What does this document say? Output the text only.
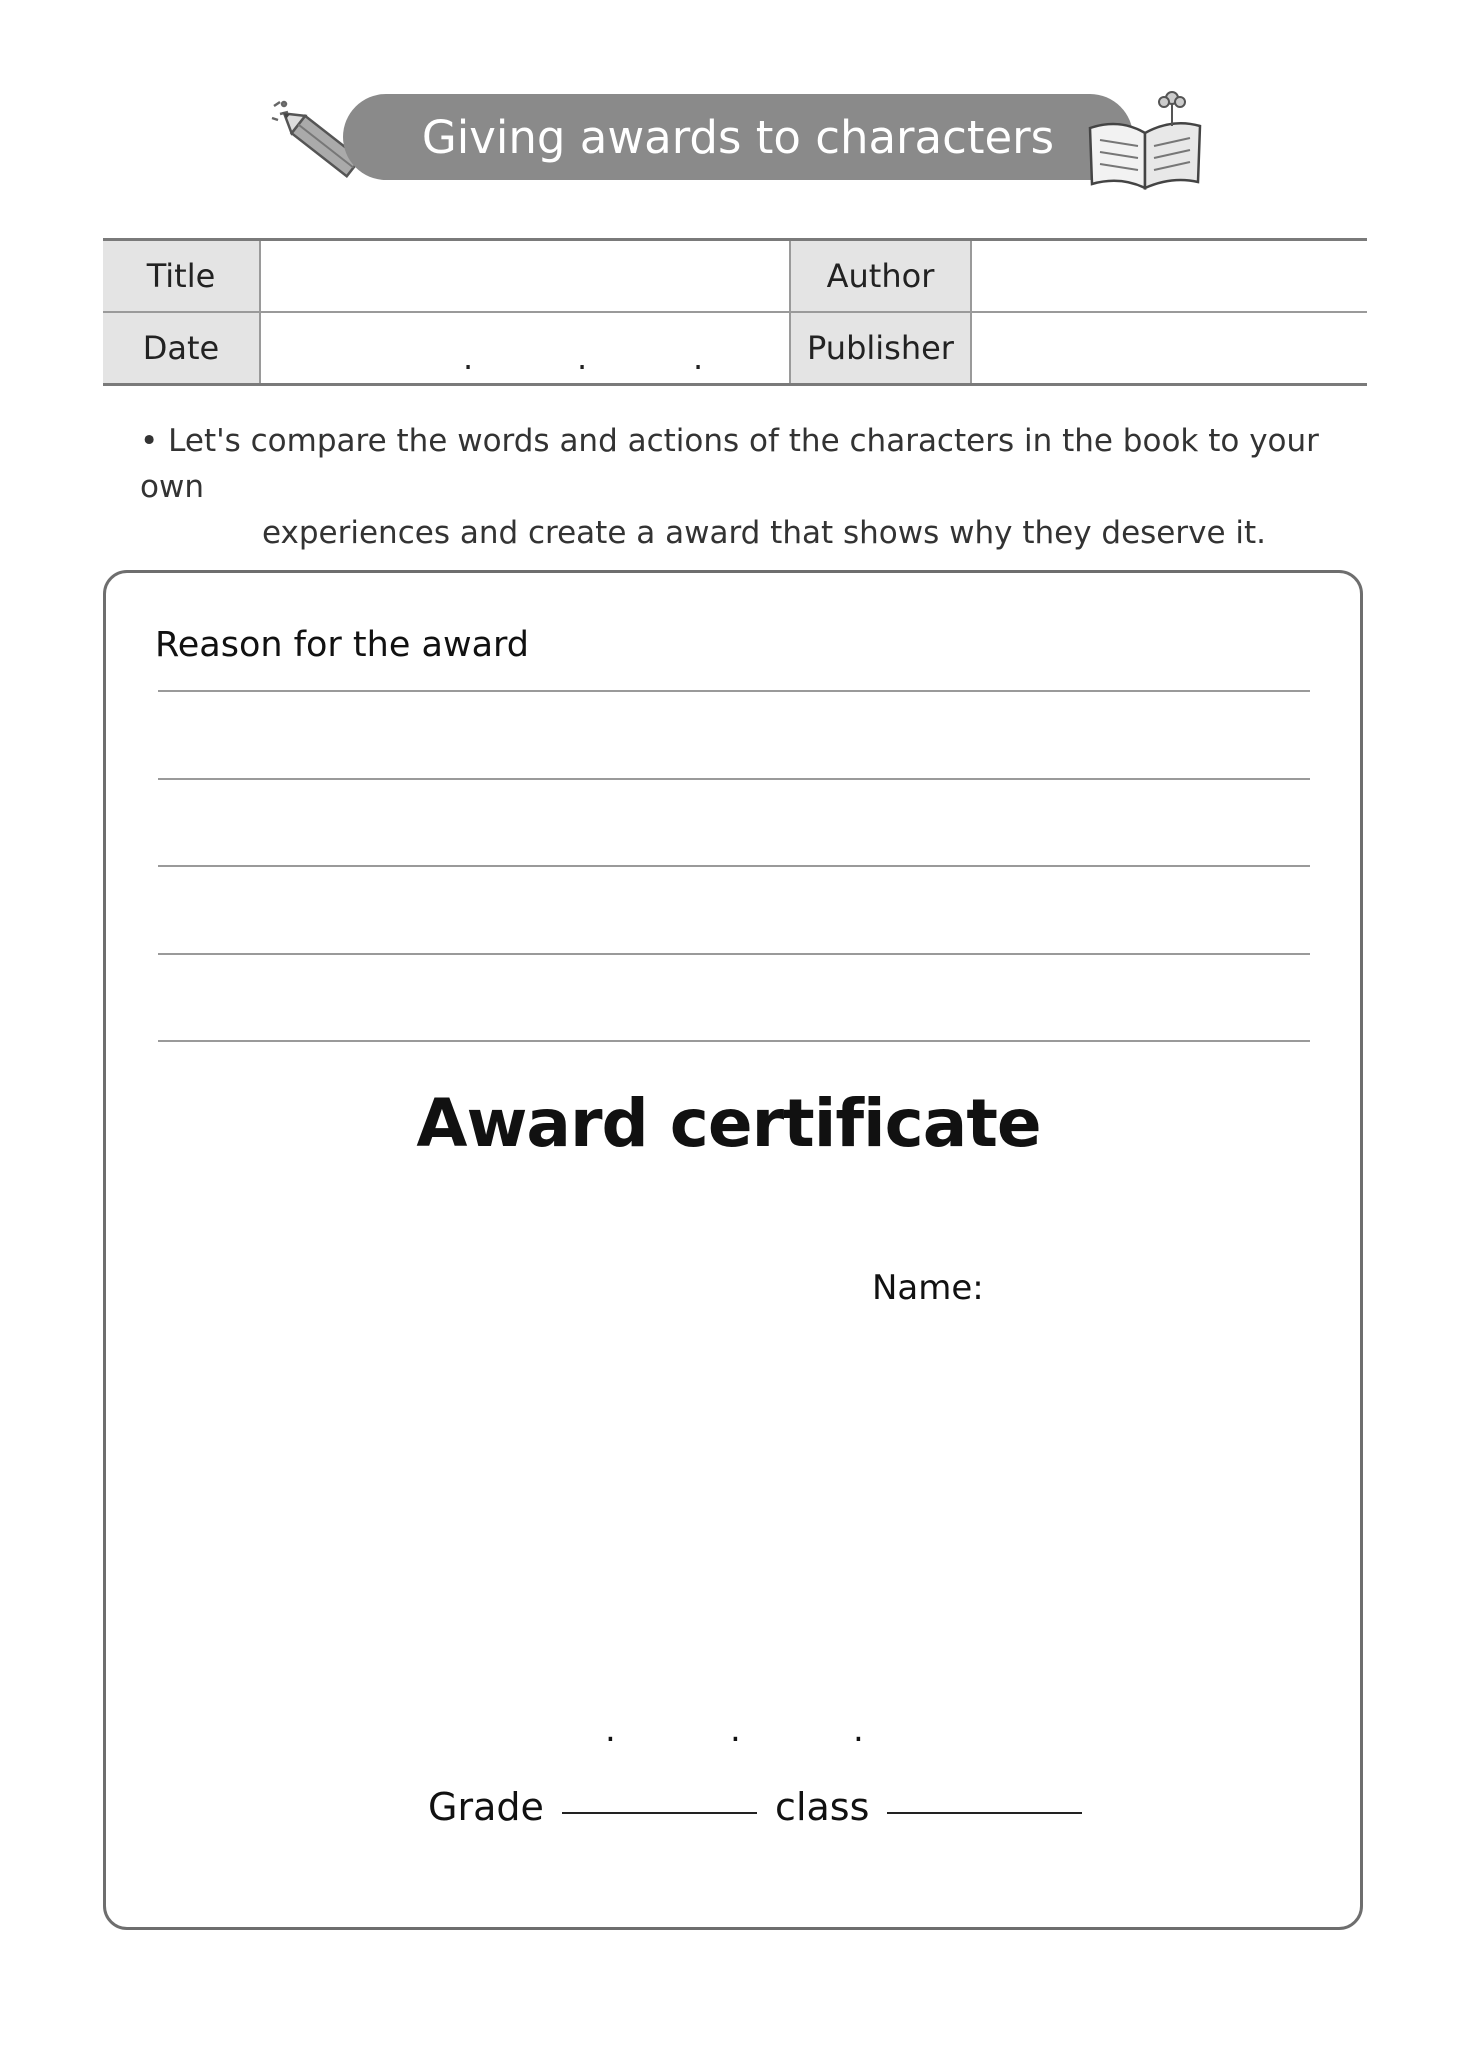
Giving awards to characters
Title		Author	
Date	. . .	Publisher	
• Let's compare the words and actions of the characters in the book to your own
experiences and create a award that shows why they deserve it.
Reason for the award
Award certificate
Name:
.	.	.
Grade	class
